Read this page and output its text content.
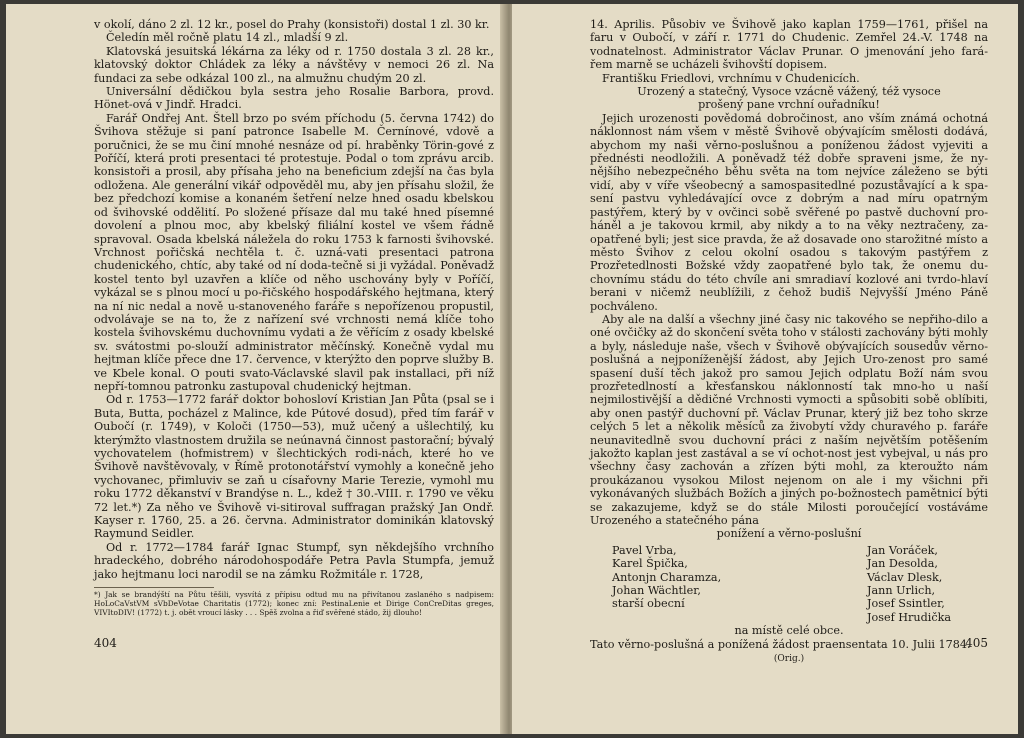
v okolí, dáno 2 zl. 12 kr., posel do Prahy (konsistoři) dostal 1 zl. 30 kr.

Čeledín měl ročně platu 14 zl., mladší 9 zl.

Klatovská jesuitská lékárna za léky od r. 1750 dostala 3 zl. 28 kr., klatovský doktor Chládek za léky a návštěvy v nemoci 26 zl. Na fundaci za sebe odkázal 100 zl., na almužnu chudým 20 zl.

Universální dědičkou byla sestra jeho Rosalie Barbora, provd. Hönet-ová v Jindř. Hradci.

Farář Ondřej Ant. Štell brzo po svém příchodu (5. června 1742) do Švihova stěžuje si paní patronce Isabelle M. Černínové, vdově a poručnici, že se mu činí mnohé nesnáze od pí. hraběnky Törin-gové z Poříčí, která proti presentaci té protestuje. Podal o tom zprávu arcib. konsistoři a prosil, aby přísaha jeho na beneficium zdejší na čas byla odložena. Ale generální vikář odpověděl mu, aby jen přísahu složil, že bez předchozí komise a konaném šetření nelze hned osadu kbelskou od švihovské oddělití. Po složené přísaze dal mu také hned písemné dovolení a plnou moc, aby kbelský filiální kostel ve všem řádně spravoval. Osada kbelská náležela do roku 1753 k farnosti švihovské. Vrchnost pořičská nechtěla t. č. uzná-vati presentaci patrona chudenického, chtíc, aby také od ní doda-tečně si ji vyžádal. Poněvadž kostel tento byl uzavřen a klíče od něho uschovány byly v Poříčí, vykázal se s plnou mocí u po-řičského hospodářského hejtmana, který na ní nic nedal a nově u-stanoveného faráře s nepořízenou propustil, odvolávaje se na to, že z nařízení své vrchnosti nemá klíče toho kostela švihovskému duchovnímu vydati a že věřícím z osady kbelské sv. svátostmi po-slouží administrator měčínský. Konečně vydal mu hejtman klíče přece dne 17. července, v kterýžto den poprve služby B. ve Kbele konal. O pouti svato-Václavské slavil pak installaci, při níž nepří-tomnou patronku zastupoval chudenický hejtman.

Od r. 1753—1772 farář doktor bohosloví Kristian Jan Půta (psal se i Buta, Butta, pocházel z Malince, kde Pútové dosud), před tím farář v Oubočí (r. 1749), v Koloči (1750—53), muž učený a ušlechtilý, ku kterýmžto vlastnostem družila se neúnavná činnost pastorační; bývalý vychovatelem (hofmistrem) v šlechtických rodi-nách, které ho ve Švihově navštěvovaly, v Římě protonotářství vymohly a konečně jeho vychovanec, přimluviv se zaň u císařovny Marie Terezie, vymohl mu roku 1772 děkanství v Brandýse n. L., kdež † 30.-VIII. r. 1790 ve věku 72 let.*) Za něho ve Švihově vi-sitiroval suffragan pražský Jan Ondř. Kayser r. 1760, 25. a 26. června. Administrator dominikán klatovský Raymund Seidler.

Od r. 1772—1784 farář Ignac Stumpf, syn někdejšího vrchního hradeckého, dobrého národohospodáře Petra Pavla Stumpfa, jemuž jako hejtmanu loci narodil se na zámku Rožmitále r. 1728,

*) Jak se brandýští na Půtu těšili, vysvítá z přípisu odtud mu na přivítanou zaslaného s nadpisem: HoLoCaVstVM sVbDeVotae Charitatis (1772); konec zní: PestinaLenie et Dirige ConCreDitas greges, VIVItoDIV! (1772) t. j. obět vroucí lásky . . . Spěš zvolna a řiď svěřené stádo, žij dlouho!
404

14. Aprilis. Působiv ve Švihově jako kaplan 1759—1761, přišel na faru v Oubočí, v září r. 1771 do Chudenic. Zemřel 24.-V. 1748 na vodnatelnost. Administrator Václav Prunar. O jmenování jeho fará-řem marně se ucházeli švihovští dopisem.

Františku Friedlovi, vrchnímu v Chudenicích.

Urozený a statečný, Vysoce vzácně vážený, též vysoce

prošený pane vrchní ouřadníku!

Jejich urozenosti povědomá dobročinost, ano vším známá ochotná náklonnost nám všem v městě Švihově obývajícím smělosti dodává, abychom my naši věrno-poslušnou a poníženou žádost vyjeviti a přednésti neodložili. A poněvadž též dobře spraveni jsme, že ny-nějšího nebezpečného běhu světa na tom nejvíce záleženo se býti vidí, aby v víře všeobecný a samospasitedlné pozuståvající a k spa-sení pastvu vyhledávající ovce z dobrým a nad míru opatrným pastýřem, který by v ovčinci sobě svěřené po pastvě duchovní pro-háněl a je takovou krmil, aby nikdy a to na věky neztračeny, za-opatřené byli; jest sice pravda, že až dosavade ono starožitné místo a město Švihov z celou okolní osadou s takovým pastýřem z Prozřetedlnosti Božské vždy zaopatřené bylo tak, že onemu du-chovnímu stádu do této chvíle ani smradiaví kozlové ani tvrdo-hlaví berani v ničemž neublížili, z čehož budiš Nejvyšší Jméno Páně pochváleno.

Aby ale na další a všechny jiné časy nic takového se nepřiho-dilo a oné ovčičky až do skončení světa toho v stálosti zachovány býti mohly a byly, následuje naše, všech v Švihově obývajících sousedův věrno-poslušná a nejponíženější žádost, aby Jejich Uro-zenost pro samé spasení duší těch jakož pro samou Jejich odplatu Boží nám svou prozřetedlností a křesťanskou náklonností tak mno-ho u naší nejmilostivější a dědičné Vrchnosti vymocti a spůsobiti sobě oblíbiti, aby onen pastýř duchovní př. Václav Prunar, který již bez toho skrze celých 5 let a několik měsíců za živobytí vždy churavého p. faráře neunavitedlně svou duchovní práci z naším největším potěšením jakožto kaplan jest zastával a se ví ochot-nost jest vybejval, u nás pro všechny časy zachován a zřízen býti mohl, za kteroužto nám proukázanou vysokou Milost nejenom on ale i my všichni při vykonávaných službách Božích a jiných po-božnostech pamětnicí býti se zakazujeme, když se do stále Milosti poroučející vostáváme Urozeného a statečného pána

ponížení a věrno-poslušní

Pavel Vrba,
Karel Špička,
Antonjn Charamza,
Johan Wächtler,
starší obecní
Jan Voráček,
Jan Desolda,
Václav Dlesk,
Jann Urlich,
Josef Ssintler,
Josef Hrudička
na místě celé obce.
Tato věrno-poslušná a ponížená žádost praensentata 10. Julii 1784.
(Orig.)
405
